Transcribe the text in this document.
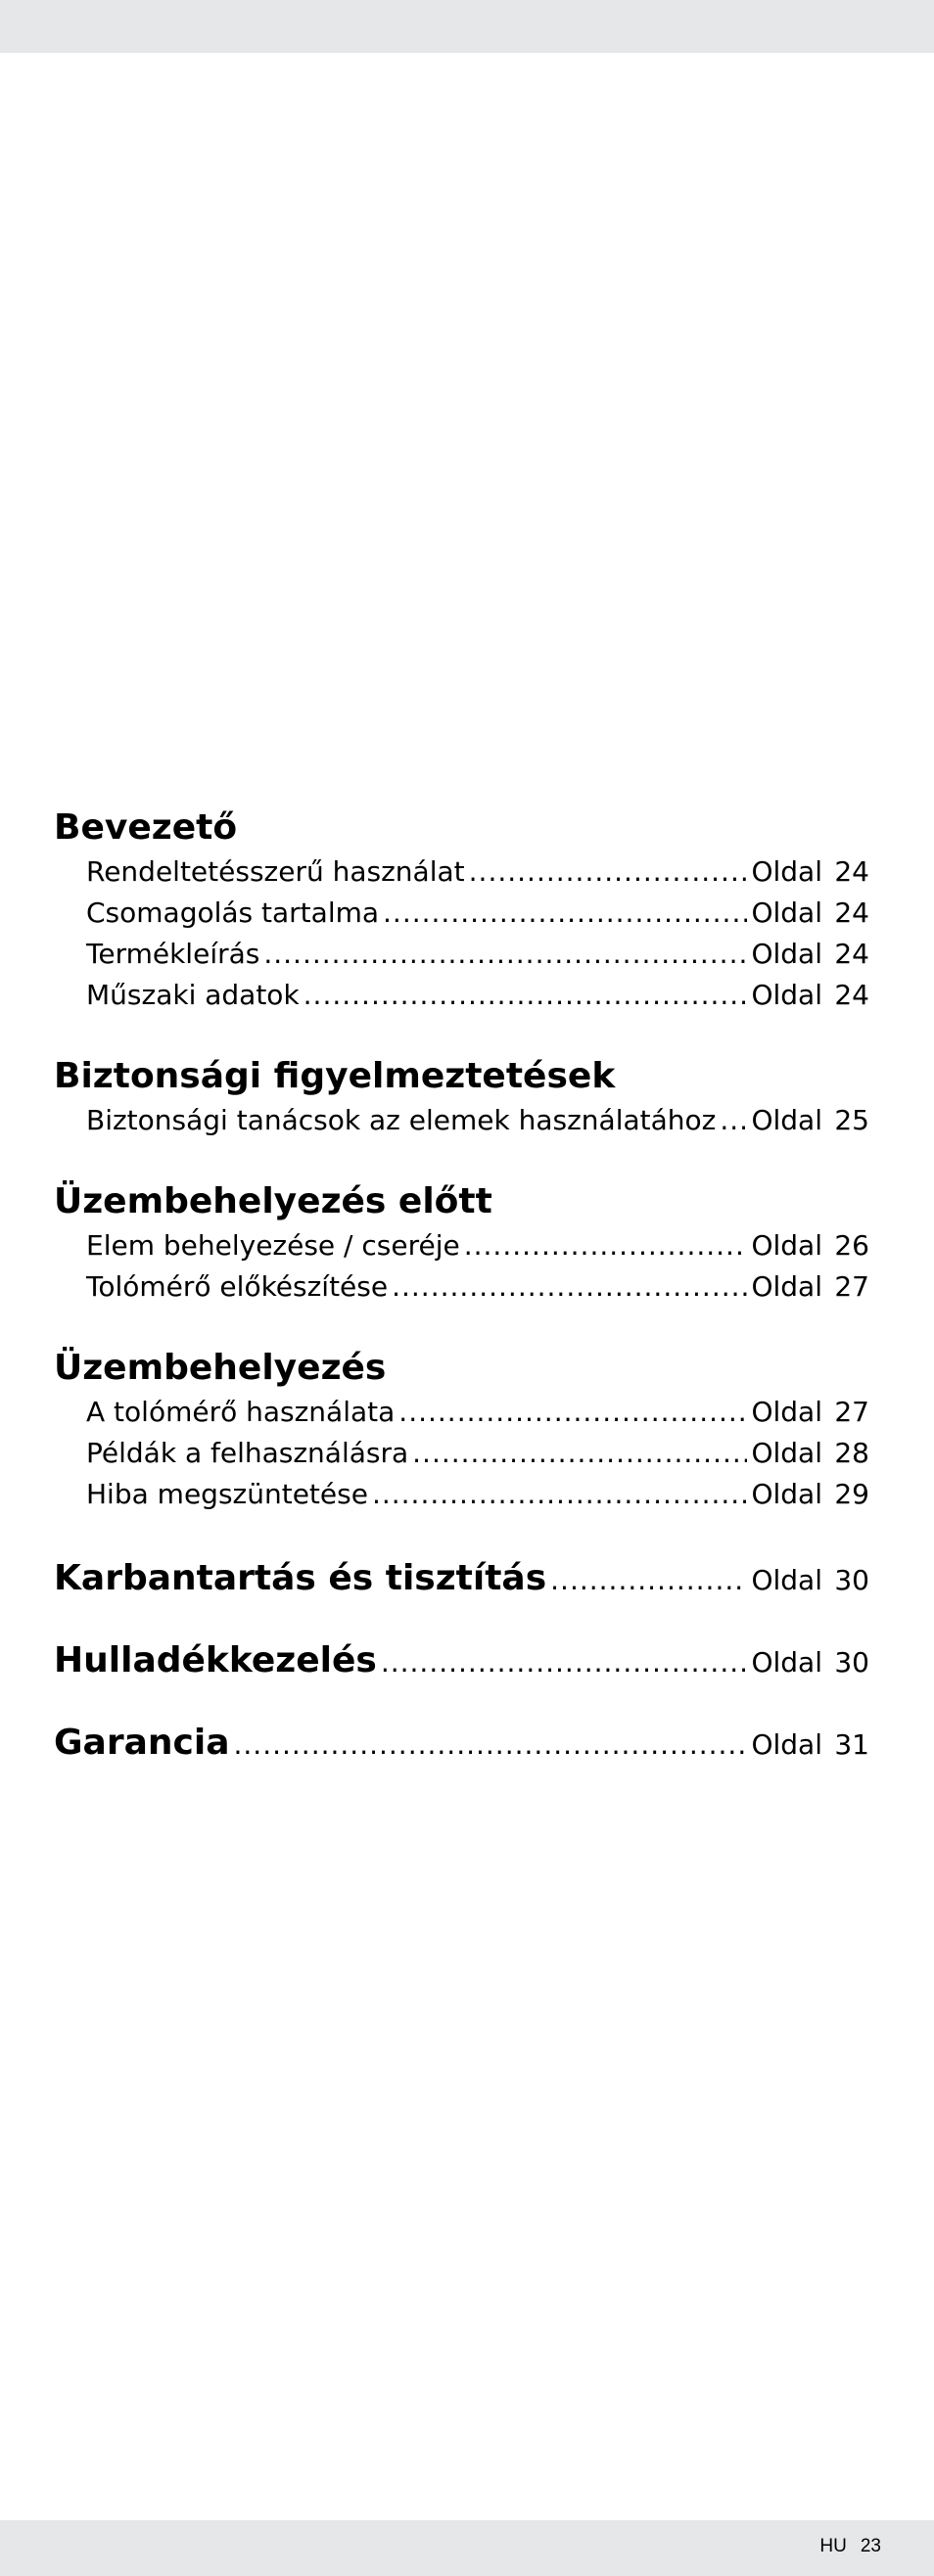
Bevezető
Rendeltetésszerű használat .....	Oldal 24
Csomagolás tartalma .....	Oldal 24
Termékleírás .....	Oldal 24
Műszaki adatok .....	Oldal 24
Biztonsági figyelmeztetések
Biztonsági tanácsok az elemek használatához ..... Oldal 25
Üzembehelyezés előtt
Elem behelyezése / cseréje .....	Oldal 26
Tolómérő előkészítése .....	Oldal 27
Üzembehelyezés
A tolómérő használata .....	Oldal 27
Példák a felhasználásra .....	Oldal 28
Hiba megszüntetése .....	Oldal 29
Karbantartás és tisztítás .....	Oldal 30
Hulladékkezelés .....	Oldal 30
Garancia .....	Oldal 31
HU 23
